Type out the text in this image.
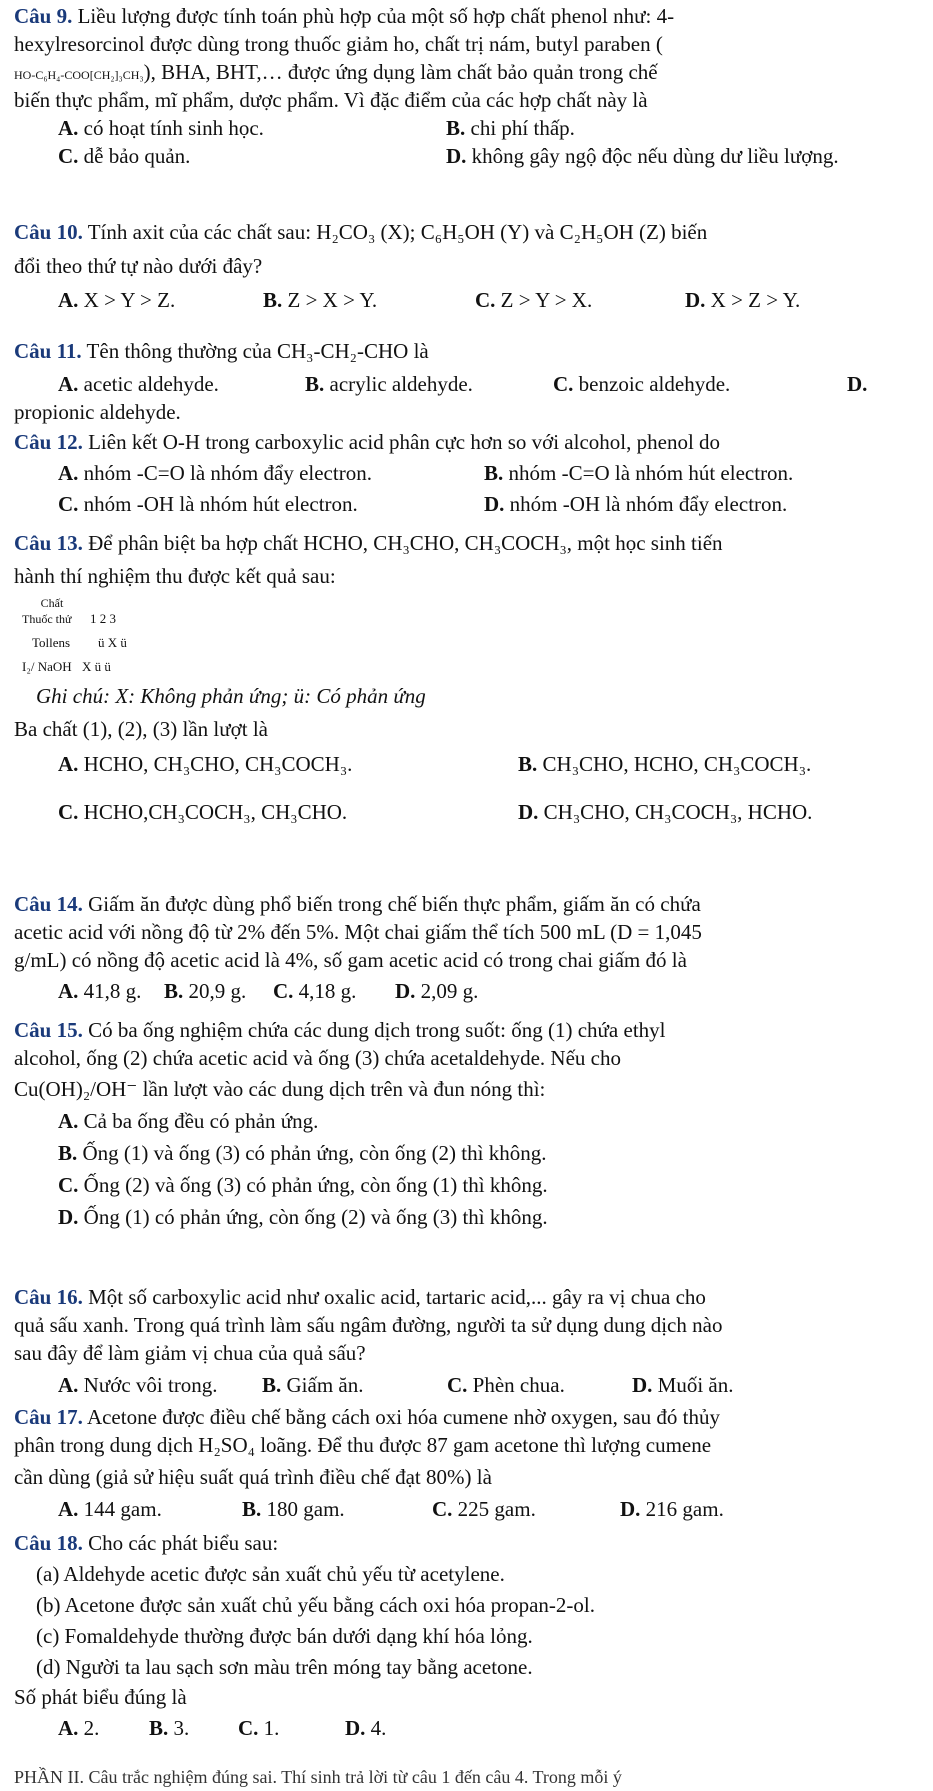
Câu 9. Liều lượng được tính toán phù hợp của một số hợp chất phenol như: 4-
hexylresorcinol được dùng trong thuốc giảm ho, chất trị nám, butyl paraben (
HO-C₆H₄-COO[CH₂]₃CH₃), BHA, BHT,… được ứng dụng làm chất bảo quản trong chế
biến thực phẩm, mĩ phẩm, dược phẩm. Vì đặc điểm của các hợp chất này là
A. có hoạt tính sinh học.	B. chi phí thấp.
C. dễ bảo quản.	D. không gây ngộ độc nếu dùng dư liều lượng.
Câu 10. Tính axit của các chất sau: H₂CO₃ (X); C₆H₅OH (Y) và C₂H₅OH (Z) biến
đổi theo thứ tự nào dưới đây?
A. X > Y > Z.	B. Z > X > Y.	C. Z > Y > X.	D. X > Z > Y.
Câu 11. Tên thông thường của CH₃-CH₂-CHO là
A. acetic aldehyde.	B. acrylic aldehyde.	C. benzoic aldehyde.	D.
propionic aldehyde.
Câu 12. Liên kết O-H trong carboxylic acid phân cực hơn so với alcohol, phenol do
A. nhóm -C=O là nhóm đẩy electron.	B. nhóm -C=O là nhóm hút electron.
C. nhóm -OH là nhóm hút electron.	D. nhóm -OH là nhóm đẩy electron.
Câu 13. Để phân biệt ba hợp chất HCHO, CH₃CHO, CH₃COCH₃, một học sinh tiến
hành thí nghiệm thu được kết quả sau:
Chất
Thuốc thử	1 2 3
Tollens	ü X ü
I₂/ NaOH X ü ü
Ghi chú: X: Không phản ứng; ü: Có phản ứng
Ba chất (1), (2), (3) lần lượt là
A. HCHO, CH₃CHO, CH₃COCH₃.	B. CH₃CHO, HCHO, CH₃COCH₃.
C. HCHO,CH₃COCH₃, CH₃CHO.	D. CH₃CHO, CH₃COCH₃, HCHO.
Câu 14. Giấm ăn được dùng phổ biến trong chế biến thực phẩm, giấm ăn có chứa
acetic acid với nồng độ từ 2% đến 5%. Một chai giấm thể tích 500 mL (D = 1,045
g/mL) có nồng độ acetic acid là 4%, số gam acetic acid có trong chai giấm đó là
A. 41,8 g.	B. 20,9 g.	C. 4,18 g.	D. 2,09 g.
Câu 15. Có ba ống nghiệm chứa các dung dịch trong suốt: ống (1) chứa ethyl
alcohol, ống (2) chứa acetic acid và ống (3) chứa acetaldehyde. Nếu cho
Cu(OH)₂/OH⁻ lần lượt vào các dung dịch trên và đun nóng thì:
A. Cả ba ống đều có phản ứng.
B. Ống (1) và ống (3) có phản ứng, còn ống (2) thì không.
C. Ống (2) và ống (3) có phản ứng, còn ống (1) thì không.
D. Ống (1) có phản ứng, còn ống (2) và ống (3) thì không.
Câu 16. Một số carboxylic acid như oxalic acid, tartaric acid,... gây ra vị chua cho
quả sấu xanh. Trong quá trình làm sấu ngâm đường, người ta sử dụng dung dịch nào
sau đây để làm giảm vị chua của quả sấu?
A. Nước vôi trong.	B. Giấm ăn.	C. Phèn chua.	D. Muối ăn.
Câu 17. Acetone được điều chế bằng cách oxi hóa cumene nhờ oxygen, sau đó thủy
phân trong dung dịch H₂SO₄ loãng. Để thu được 87 gam acetone thì lượng cumene
cần dùng (giả sử hiệu suất quá trình điều chế đạt 80%) là
A. 144 gam.	B. 180 gam.	C. 225 gam.	D. 216 gam.
Câu 18. Cho các phát biểu sau:
(a) Aldehyde acetic được sản xuất chủ yếu từ acetylene.
(b) Acetone được sản xuất chủ yếu bằng cách oxi hóa propan-2-ol.
(c) Fomaldehyde thường được bán dưới dạng khí hóa lỏng.
(d) Người ta lau sạch sơn màu trên móng tay bằng acetone.
Số phát biểu đúng là
A. 2.	B. 3.	C. 1.	D. 4.
PHẦN II. Câu trắc nghiệm đúng sai. Thí sinh trả lời từ câu 1 đến câu 4. Trong mỗi ý
